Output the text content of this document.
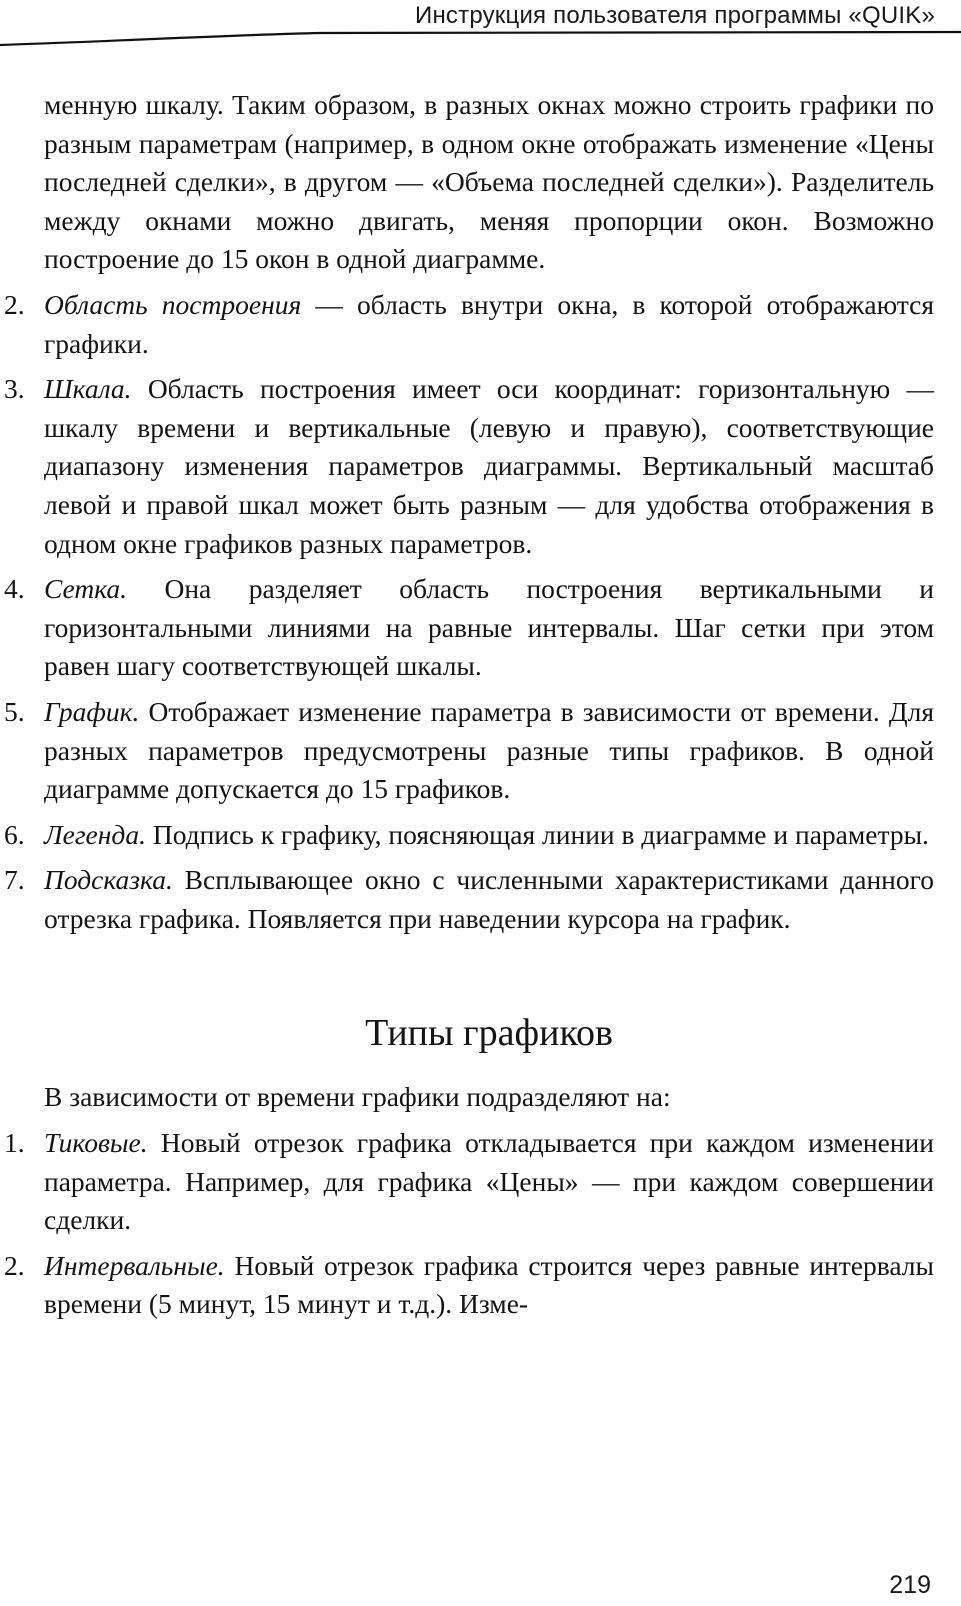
Инструкция пользователя программы «QUIK»

менную шкалу. Таким образом, в разных окнах можно строить графики по разным параметрам (например, в одном окне отображать изменение «Цены последней сделки», в другом — «Объема последней сделки»). Разделитель между окнами можно двигать, меняя пропорции окон. Возможно построение до 15 окон в одной диаграмме.

2. Область построения — область внутри окна, в которой отображаются графики.
3. Шкала. Область построения имеет оси координат: горизонтальную — шкалу времени и вертикальные (левую и правую), соответствующие диапазону изменения параметров диаграммы. Вертикальный масштаб левой и правой шкал может быть разным — для удобства отображения в одном окне графиков разных параметров.
4. Сетка. Она разделяет область построения вертикальными и горизонтальными линиями на равные интервалы. Шаг сетки при этом равен шагу соответствующей шкалы.
5. График. Отображает изменение параметра в зависимости от времени. Для разных параметров предусмотрены разные типы графиков. В одной диаграмме допускается до 15 графиков.
6. Легенда. Подпись к графику, поясняющая линии в диаграмме и параметры.
7. Подсказка. Всплывающее окно с численными характеристиками данного отрезка графика. Появляется при наведении курсора на график.
Типы графиков

В зависимости от времени графики подразделяют на:

1. Тиковые. Новый отрезок графика откладывается при каждом изменении параметра. Например, для графика «Цены» — при каждом совершении сделки.
2. Интервальные. Новый отрезок графика строится через равные интервалы времени (5 минут, 15 минут и т.д.). Изме-
219
